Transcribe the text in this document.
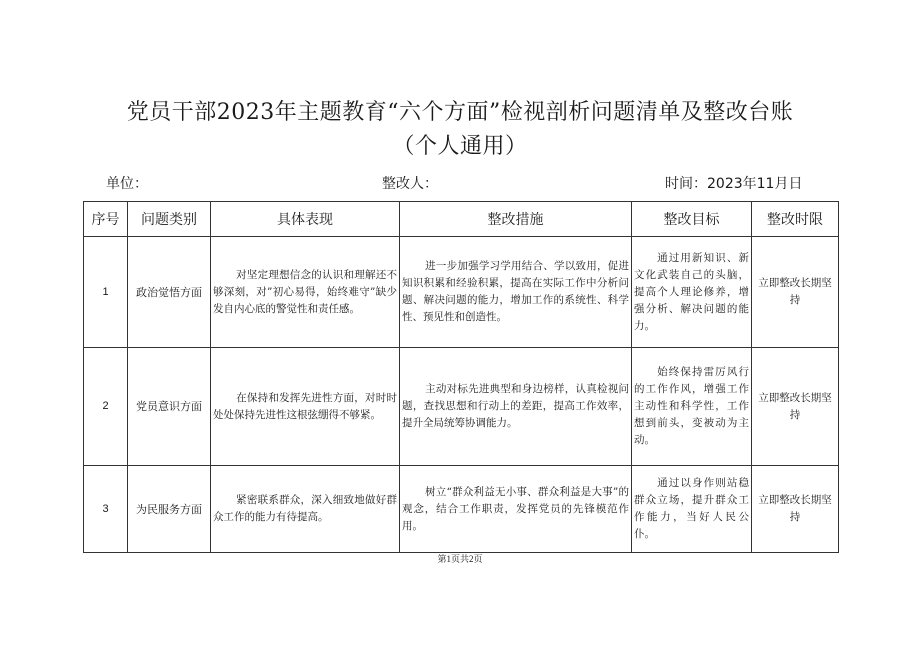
党员干部2023年主题教育“六个方面”检视剖析问题清单及整改台账
（个人通用）
单位：	整改人：	时间：2023年11月日
序号	问题类别	具体表现	整改措施	整改目标	整改时限
1	政治觉悟方面	对坚定理想信念的认识和理解还不够深刻，对”初心易得，始终难守”缺少发自内心底的警觉性和责任感。	进一步加强学习学用结合、学以致用，促进知识积累和经验积累，提高在实际工作中分析问题、解决问题的能力，增加工作的系统性、科学性、预见性和创造性。	通过用新知识、新文化武装自己的头脑，提高个人理论修养，增强分析、解决问题的能力。	立即整改长期坚持

2	党员意识方面	在保持和发挥先进性方面，对时时处处保持先进性这根弦绷得不够紧。	主动对标先进典型和身边榜样，认真检视问题，查找思想和行动上的差距，提高工作效率，提升全局统筹协调能力。	始终保持雷厉风行的工作作风，增强工作主动性和科学性，工作想到前头，变被动为主动。	立即整改长期坚持

3	为民服务方面	紧密联系群众，深入细致地做好群众工作的能力有待提高。	树立“群众利益无小事、群众利益是大事”的观念，结合工作职责，发挥党员的先锋模范作用。	通过以身作则站稳群众立场，提升群众工作能力，当好人民公仆。	立即整改长期坚持
第1页共2页
